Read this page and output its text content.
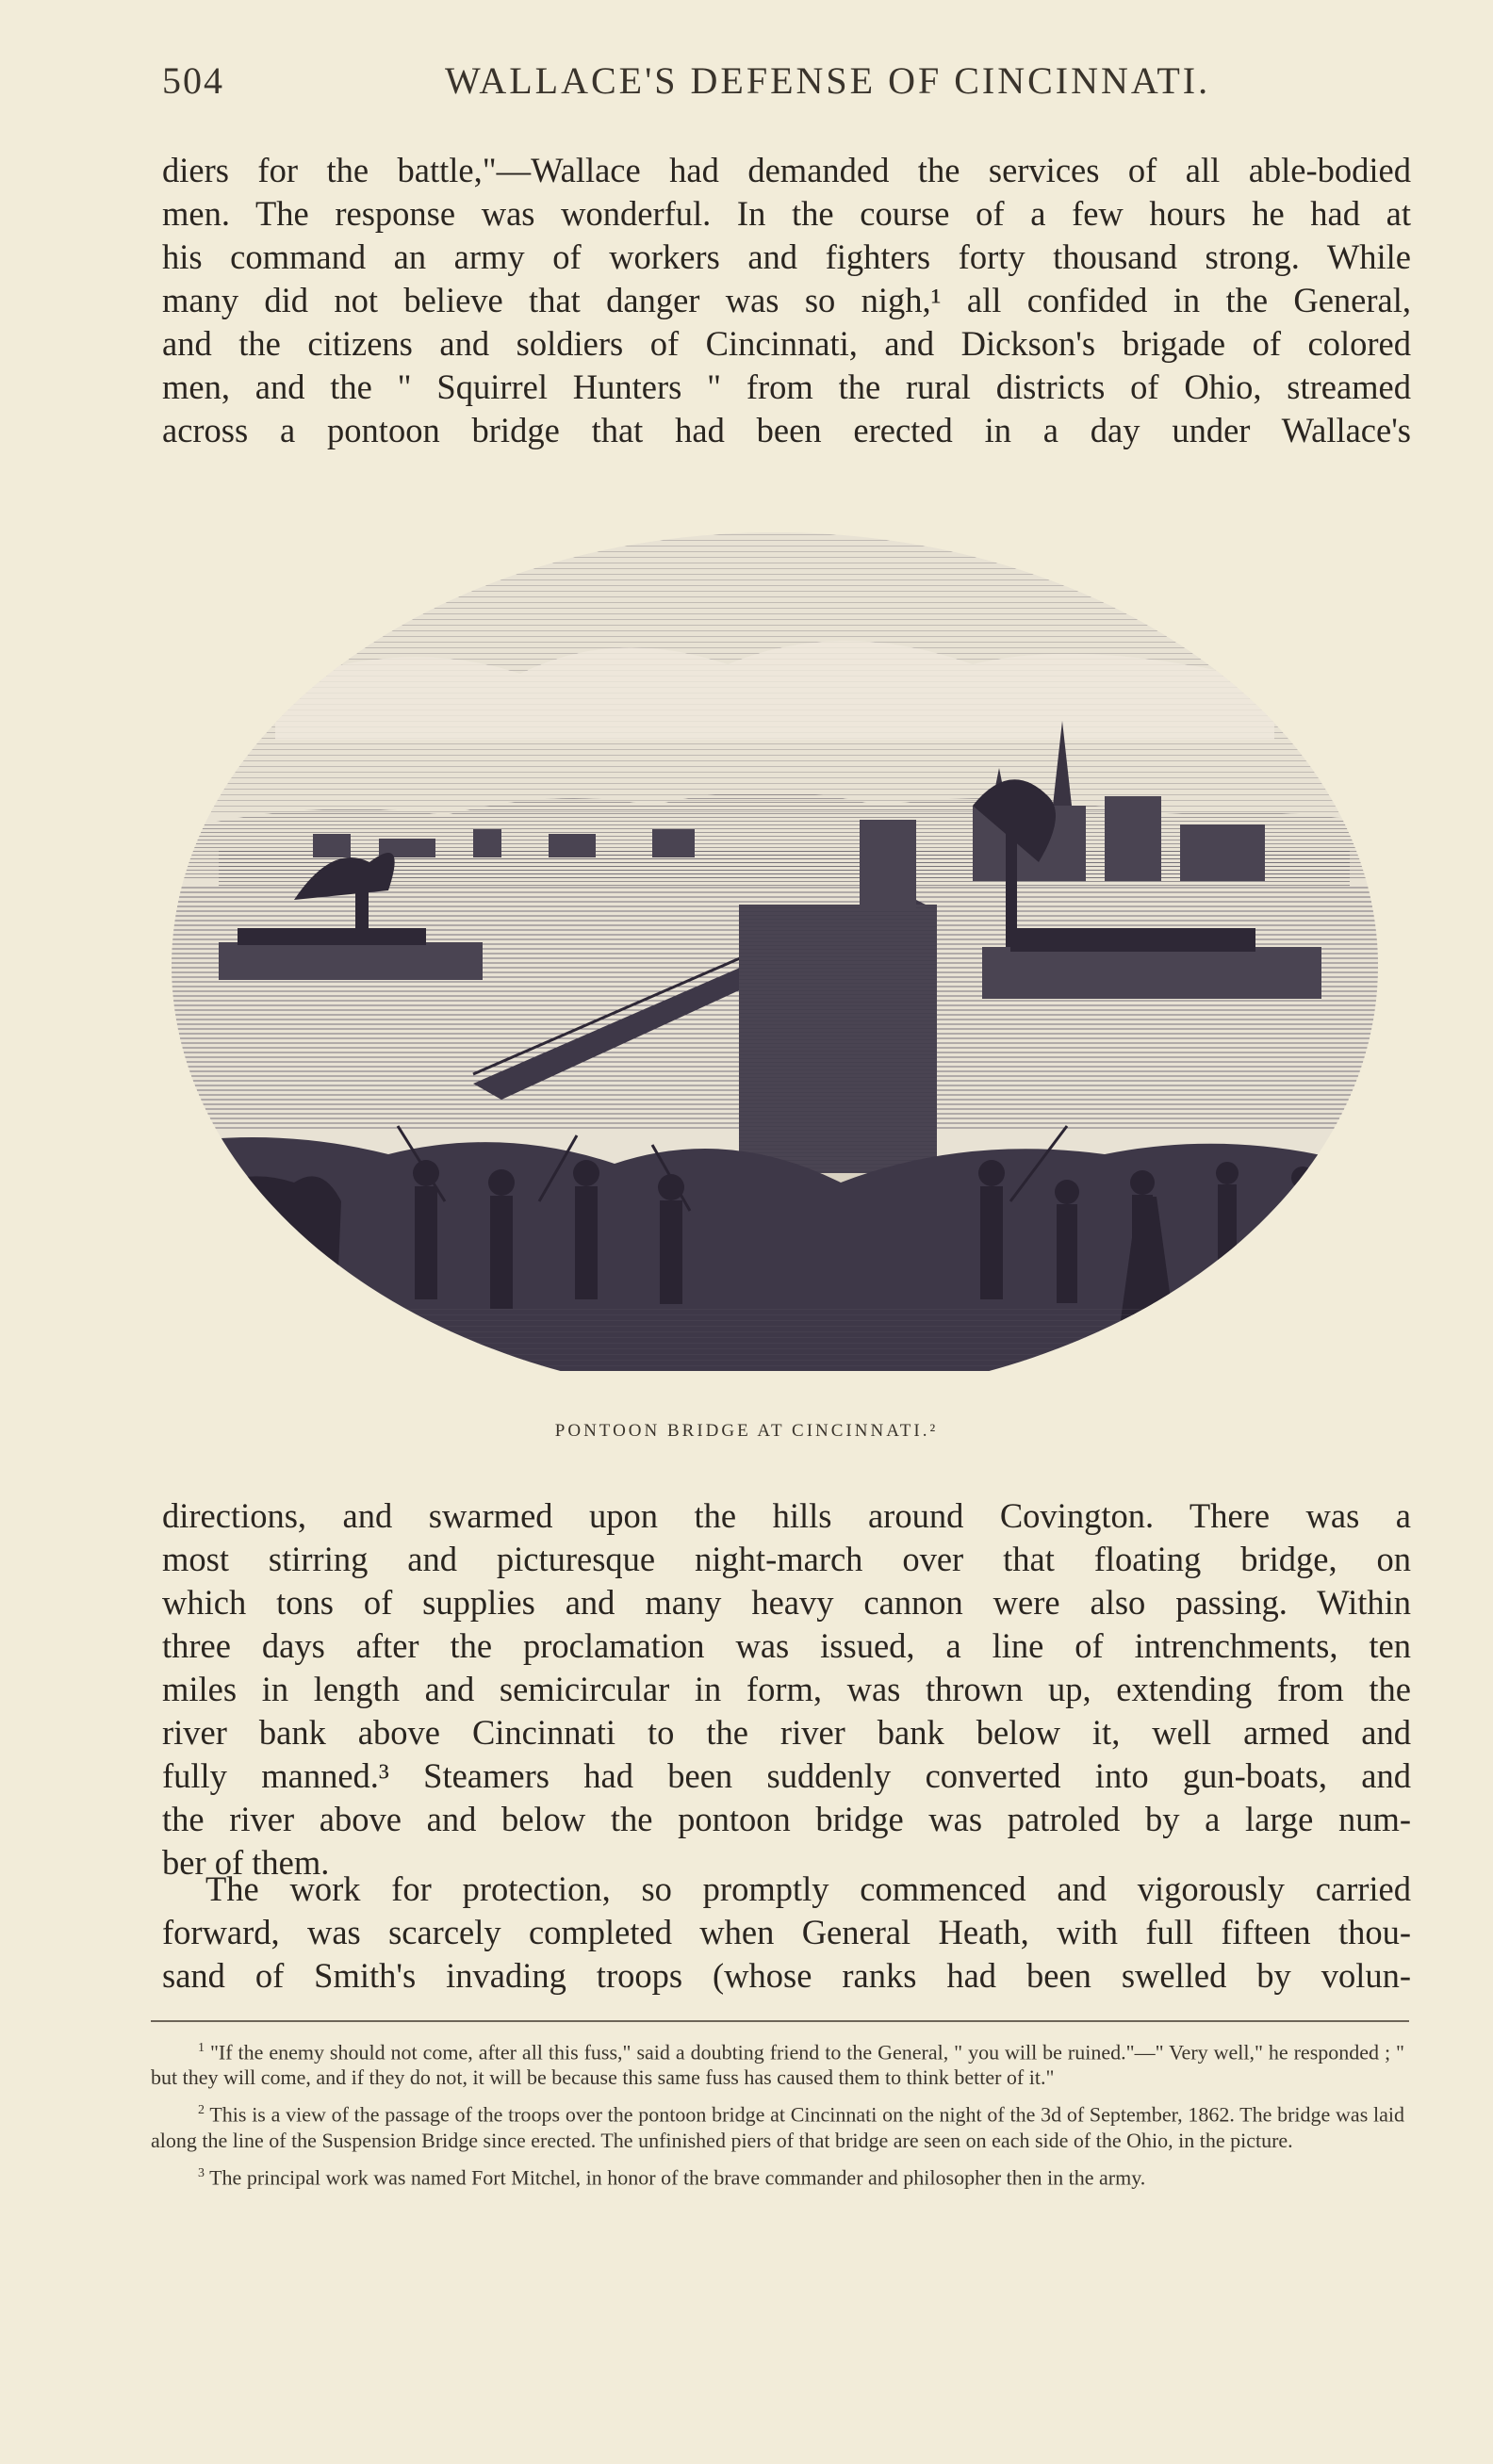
504	WALLACE'S DEFENSE OF CINCINNATI.
diers for the battle,"—Wallace had demanded the services of all able-bodied
men. The response was wonderful. In the course of a few hours he had at
his command an army of workers and fighters forty thousand strong. While
many did not believe that danger was so nigh,¹ all confided in the General,
and the citizens and soldiers of Cincinnati, and Dickson's brigade of colored
men, and the " Squirrel Hunters " from the rural districts of Ohio, streamed
across a pontoon bridge that had been erected in a day under Wallace's
PONTOON BRIDGE AT CINCINNATI.²
directions, and swarmed upon the hills around Covington. There was a
most stirring and picturesque night-march over that floating bridge, on
which tons of supplies and many heavy cannon were also passing. Within
three days after the proclamation was issued, a line of intrenchments, ten
miles in length and semicircular in form, was thrown up, extending from the
river bank above Cincinnati to the river bank below it, well armed and
fully manned.³ Steamers had been suddenly converted into gun-boats, and
the river above and below the pontoon bridge was patroled by a large num-
ber of them.
The work for protection, so promptly commenced and vigorously carried
forward, was scarcely completed when General Heath, with full fifteen thou-
sand of Smith's invading troops (whose ranks had been swelled by volun-

$^1$ "If the enemy should not come, after all this fuss," said a doubting friend to the General, " you will be ruined."—" Very well," he responded ; " but they will come, and if they do not, it will be because this same fuss has caused them to think better of it."

$^2$ This is a view of the passage of the troops over the pontoon bridge at Cincinnati on the night of the 3d of September, 1862. The bridge was laid along the line of the Suspension Bridge since erected. The unfinished piers of that bridge are seen on each side of the Ohio, in the picture.

$^3$ The principal work was named Fort Mitchel, in honor of the brave commander and philosopher then in the army.
